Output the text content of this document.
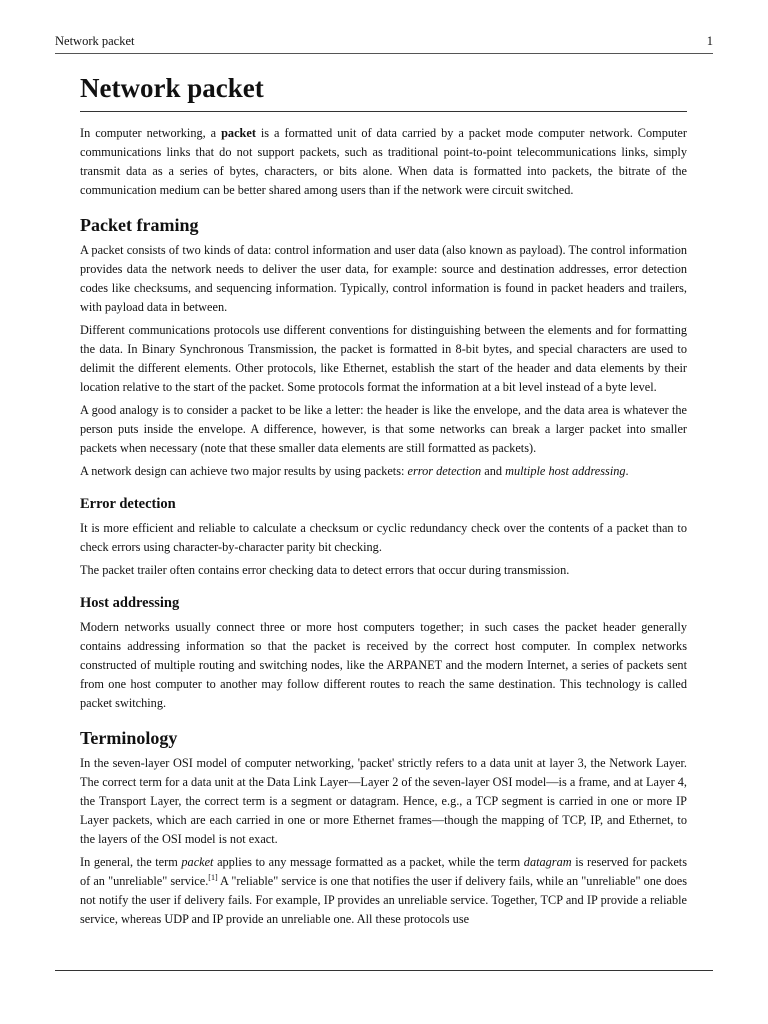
Network packet	1
Network packet

In computer networking, a packet is a formatted unit of data carried by a packet mode computer network. Computer communications links that do not support packets, such as traditional point-to-point telecommunications links, simply transmit data as a series of bytes, characters, or bits alone. When data is formatted into packets, the bitrate of the communication medium can be better shared among users than if the network were circuit switched.

Packet framing

A packet consists of two kinds of data: control information and user data (also known as payload). The control information provides data the network needs to deliver the user data, for example: source and destination addresses, error detection codes like checksums, and sequencing information. Typically, control information is found in packet headers and trailers, with payload data in between.

Different communications protocols use different conventions for distinguishing between the elements and for formatting the data. In Binary Synchronous Transmission, the packet is formatted in 8-bit bytes, and special characters are used to delimit the different elements. Other protocols, like Ethernet, establish the start of the header and data elements by their location relative to the start of the packet. Some protocols format the information at a bit level instead of a byte level.

A good analogy is to consider a packet to be like a letter: the header is like the envelope, and the data area is whatever the person puts inside the envelope. A difference, however, is that some networks can break a larger packet into smaller packets when necessary (note that these smaller data elements are still formatted as packets).

A network design can achieve two major results by using packets: error detection and multiple host addressing.

Error detection

It is more efficient and reliable to calculate a checksum or cyclic redundancy check over the contents of a packet than to check errors using character-by-character parity bit checking.

The packet trailer often contains error checking data to detect errors that occur during transmission.

Host addressing

Modern networks usually connect three or more host computers together; in such cases the packet header generally contains addressing information so that the packet is received by the correct host computer. In complex networks constructed of multiple routing and switching nodes, like the ARPANET and the modern Internet, a series of packets sent from one host computer to another may follow different routes to reach the same destination. This technology is called packet switching.

Terminology

In the seven-layer OSI model of computer networking, 'packet' strictly refers to a data unit at layer 3, the Network Layer. The correct term for a data unit at the Data Link Layer—Layer 2 of the seven-layer OSI model—is a frame, and at Layer 4, the Transport Layer, the correct term is a segment or datagram. Hence, e.g., a TCP segment is carried in one or more IP Layer packets, which are each carried in one or more Ethernet frames—though the mapping of TCP, IP, and Ethernet, to the layers of the OSI model is not exact.

In general, the term packet applies to any message formatted as a packet, while the term datagram is reserved for packets of an "unreliable" service.[1] A "reliable" service is one that notifies the user if delivery fails, while an "unreliable" one does not notify the user if delivery fails. For example, IP provides an unreliable service. Together, TCP and IP provide a reliable service, whereas UDP and IP provide an unreliable one. All these protocols use
